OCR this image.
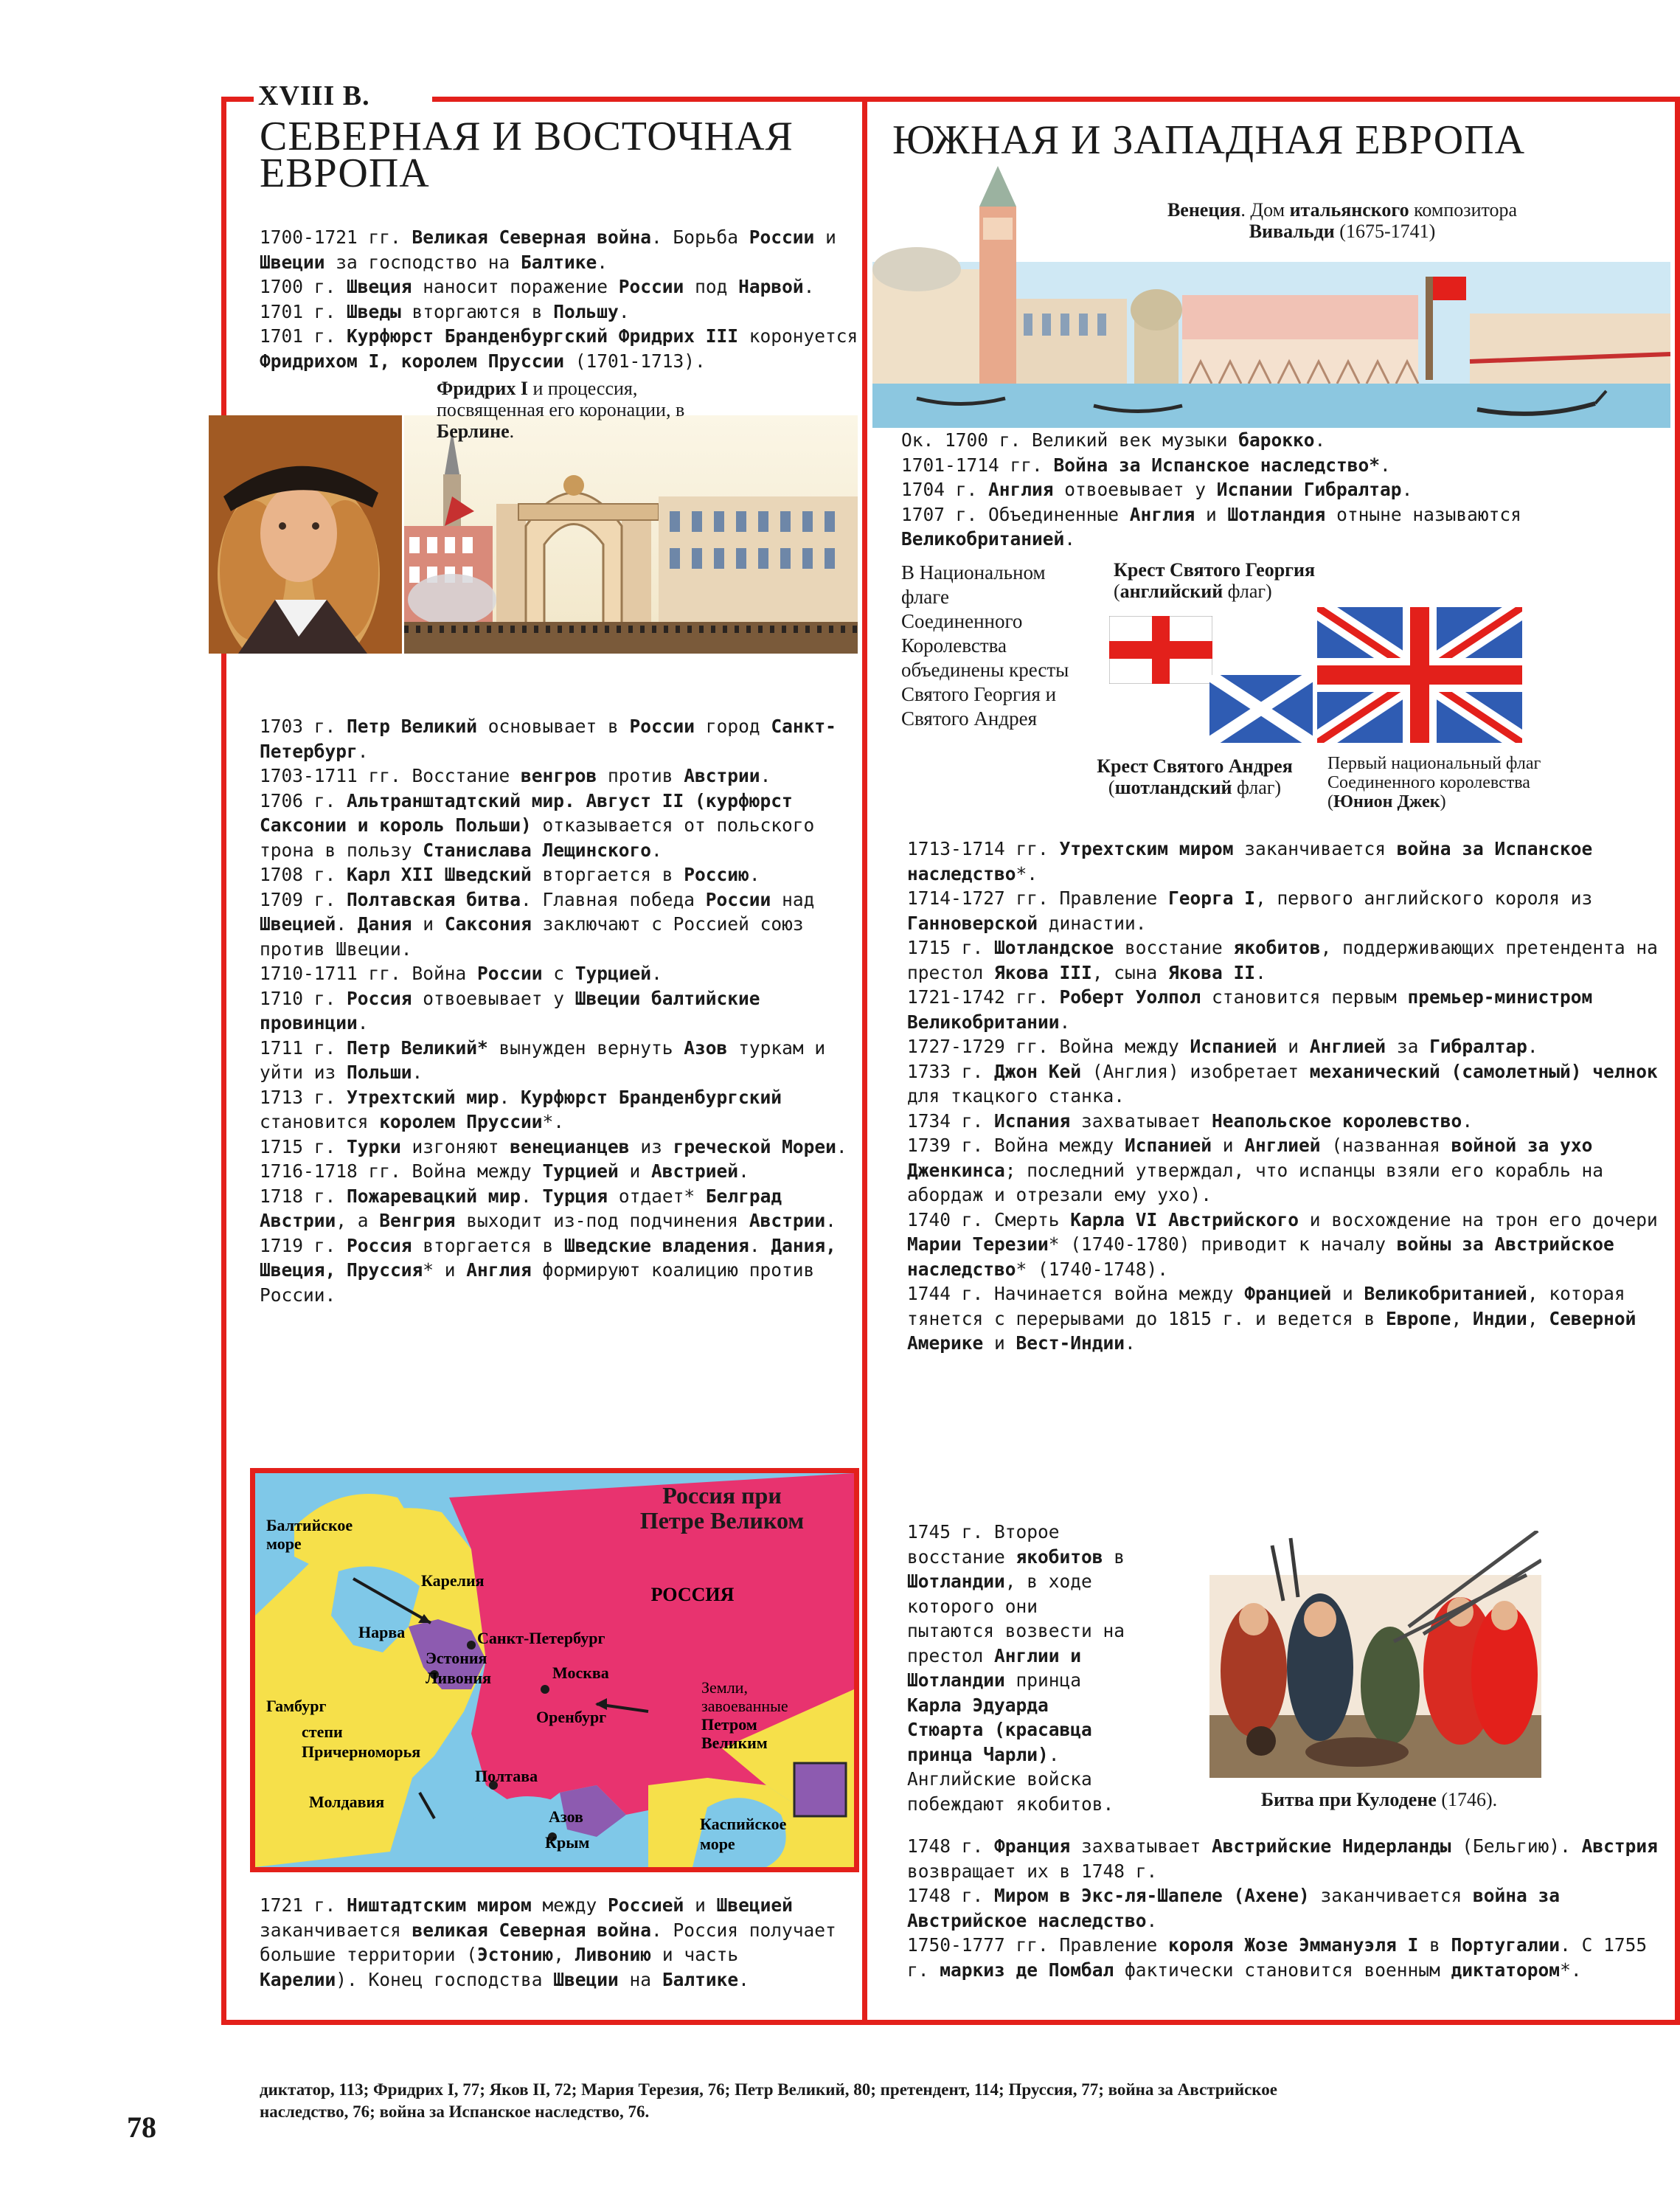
XVIII В.
СЕВЕРНАЯ И ВОСТОЧНАЯ ЕВРОПА

1700-1721 гг. Великая Северная война. Борьба России и Швеции за господство на Балтике.

1700 г. Швеция наносит поражение России под Нарвой.

1701 г. Шведы вторгаются в Польшу.

1701 г. Курфюрст Бранденбургский Фридрих III коронуется Фридрихом I, королем Пруссии (1701-1713).

Фридрих I и процессия, посвященная его коронации, в Берлине.

1703 г. Петр Великий основывает в России город Санкт-Петербург.

1703-1711 гг. Восстание венгров против Австрии.

1706 г. Альтранштадтский мир. Август II (курфюрст Саксонии и король Польши) отказывается от польского трона в пользу Станислава Лещинского.

1708 г. Карл XII Шведский вторгается в Россию.

1709 г. Полтавская битва. Главная победа России над Швецией. Дания и Саксония заключают с Россией союз против Швеции.

1710-1711 гг. Война России с Турцией.

1710 г. Россия отвоевывает у Швеции балтийские провинции.

1711 г. Петр Великий* вынужден вернуть Азов туркам и уйти из Польши.

1713 г. Утрехтский мир. Курфюрст Бранденбургский становится королем Пруссии*.

1715 г. Турки изгоняют венецианцев из греческой Мореи.

1716-1718 гг. Война между Турцией и Австрией.

1718 г. Пожаревацкий мир. Турция отдает* Белград Австрии, а Венгрия выходит из-под подчинения Австрии.

1719 г. Россия вторгается в Шведские владения. Дания, Швеция, Пруссия* и Англия формируют коалицию против России.

Россия при
Петре Великом
Балтийское
море
Карелия
Нарва	Санкт-Петербург
Эстония
Ливония	Москва
РОССИЯ
Оренбург
Гамбург
степи
Причерноморья
Полтава
Молдавия
Азов
Крым
Каспийское
море
Земли,
завоеванные
Петром
Великим

1721 г. Ништадтским миром между Россией и Швецией заканчивается великая Северная война. Россия получает большие территории (Эстонию, Ливонию и часть Карелии). Конец господства Швеции на Балтике.

ЮЖНАЯ И ЗАПАДНАЯ ЕВРОПА
Венеция. Дом итальянского композитора Вивальди (1675-1741)

Ок. 1700 г. Великий век музыки барокко.

1701-1714 гг. Война за Испанское наследство*.

1704 г. Англия отвоевывает у Испании Гибралтар.

1707 г. Объединенные Англия и Шотландия отныне называются Великобританией.

В Национальном флаге Соединенного Королевства объединены кресты Святого Георгия и Святого Андрея
Крест Святого Георгия (английский флаг)
Крест Святого Андрея (шотландский флаг)
Первый национальный флаг Соединенного королевства (Юнион Джек)

1713-1714 гг. Утрехтским миром заканчивается война за Испанское наследство*.

1714-1727 гг. Правление Георга I, первого английского короля из Ганноверской династии.

1715 г. Шотландское восстание якобитов, поддерживающих претендента на престол Якова III, сына Якова II.

1721-1742 гг. Роберт Уолпол становится первым премьер-министром Великобритании.

1727-1729 гг. Война между Испанией и Англией за Гибралтар.

1733 г. Джон Кей (Англия) изобретает механический (самолетный) челнок для ткацкого станка.

1734 г. Испания захватывает Неапольское королевство.

1739 г. Война между Испанией и Англией (названная войной за ухо Дженкинса; последний утверждал, что испанцы взяли его корабль на абордаж и отрезали ему ухо).

1740 г. Смерть Карла VI Австрийского и восхождение на трон его дочери Марии Терезии* (1740-1780) приводит к началу войны за Австрийское наследство* (1740-1748).

1744 г. Начинается война между Францией и Великобританией, которая тянется с перерывами до 1815 г. и ведется в Европе, Индии, Северной Америке и Вест-Индии.

1745 г. Второе восстание якобитов в Шотландии, в ходе которого они пытаются возвести на престол Англии и Шотландии принца Карла Эдуарда Стюарта (красавца принца Чарли). Английские войска побеждают якобитов.	Битва при Кулодене (1746).

1748 г. Франция захватывает Австрийские Нидерланды (Бельгию). Австрия возвращает их в 1748 г.

1748 г. Миром в Экс-ля-Шапеле (Ахене) заканчивается война за Австрийское наследство.

1750-1777 гг. Правление короля Жозе Эммануэля I в Португалии. С 1755 г. маркиз де Помбал фактически становится военным диктатором*.

диктатор, 113; Фридрих I, 77; Яков II, 72; Мария Терезия, 76; Петр Великий, 80; претендент, 114; Пруссия, 77; война за Австрийское
наследство, 76; война за Испанское наследство, 76.
78
